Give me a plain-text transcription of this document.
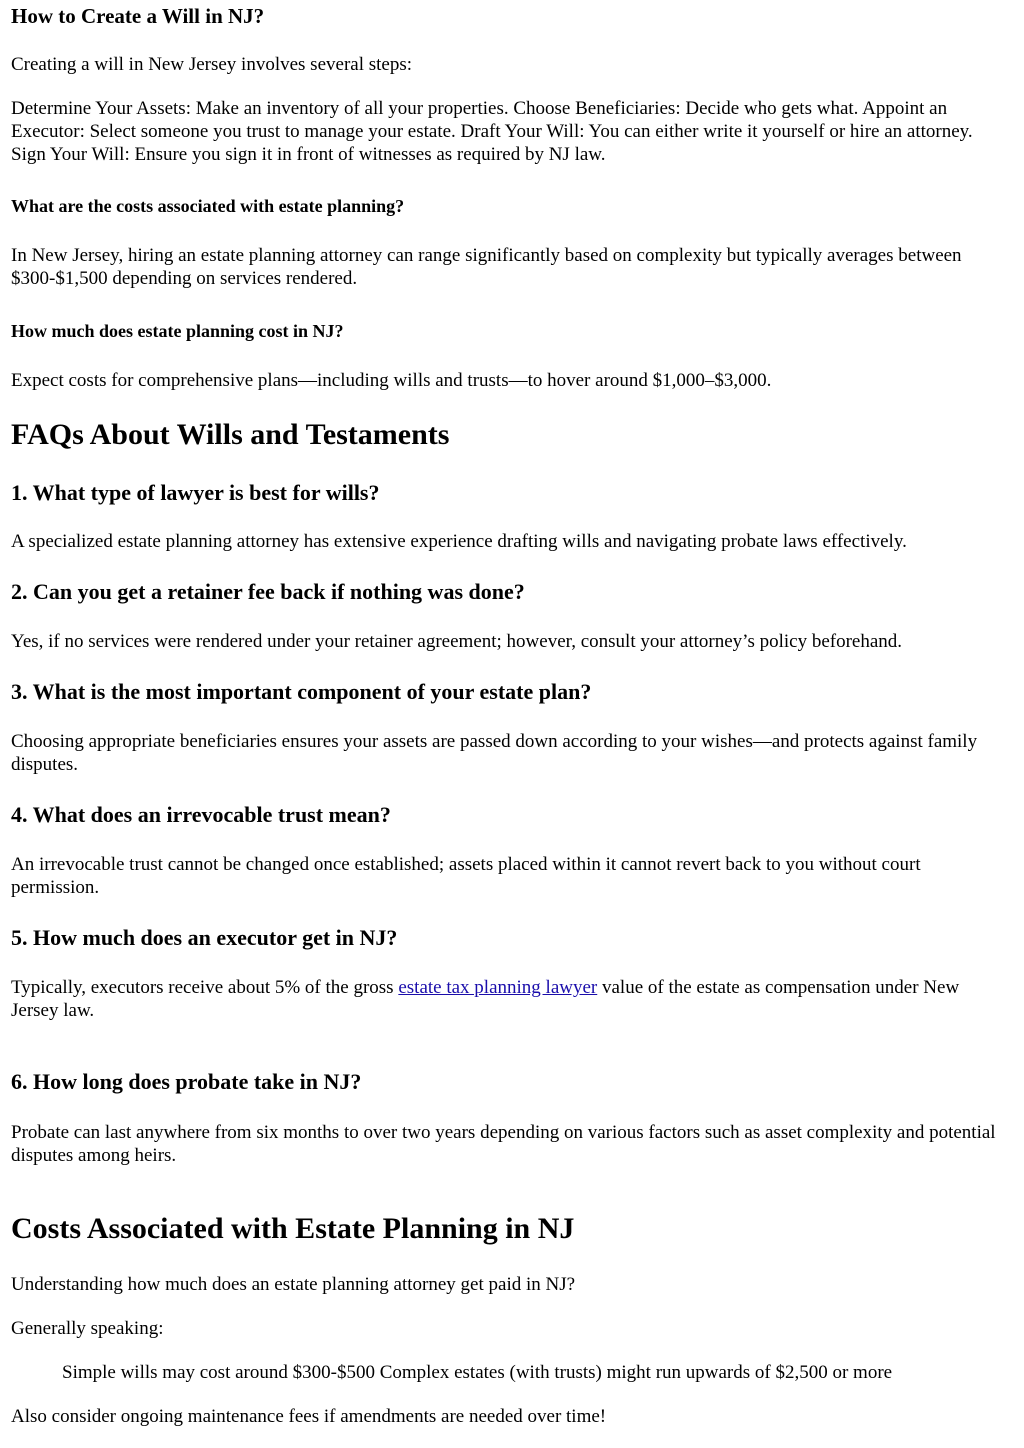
How to Create a Will in NJ?

Creating a will in New Jersey involves several steps:

Determine Your Assets: Make an inventory of all your properties. Choose Beneficiaries: Decide who gets what. Appoint an Executor: Select someone you trust to manage your estate. Draft Your Will: You can either write it yourself or hire an attorney. Sign Your Will: Ensure you sign it in front of witnesses as required by NJ law.

What are the costs associated with estate planning?

In New Jersey, hiring an estate planning attorney can range significantly based on complexity but typically averages between $300-$1,500 depending on services rendered.

How much does estate planning cost in NJ?

Expect costs for comprehensive plans—including wills and trusts—to hover around $1,000–$3,000.

FAQs About Wills and Testaments
1. What type of lawyer is best for wills?

A specialized estate planning attorney has extensive experience drafting wills and navigating probate laws effectively.

2. Can you get a retainer fee back if nothing was done?

Yes, if no services were rendered under your retainer agreement; however, consult your attorney’s policy beforehand.

3. What is the most important component of your estate plan?

Choosing appropriate beneficiaries ensures your assets are passed down according to your wishes—and protects against family disputes.

4. What does an irrevocable trust mean?

An irrevocable trust cannot be changed once established; assets placed within it cannot revert back to you without court permission.

5. How much does an executor get in NJ?

Typically, executors receive about 5% of the gross estate tax planning lawyer value of the estate as compensation under New Jersey law.

6. How long does probate take in NJ?

Probate can last anywhere from six months to over two years depending on various factors such as asset complexity and potential disputes among heirs.

Costs Associated with Estate Planning in NJ

Understanding how much does an estate planning attorney get paid in NJ?

Generally speaking:

Simple wills may cost around $300-$500 Complex estates (with trusts) might run upwards of $2,500 or more

Also consider ongoing maintenance fees if amendments are needed over time!
